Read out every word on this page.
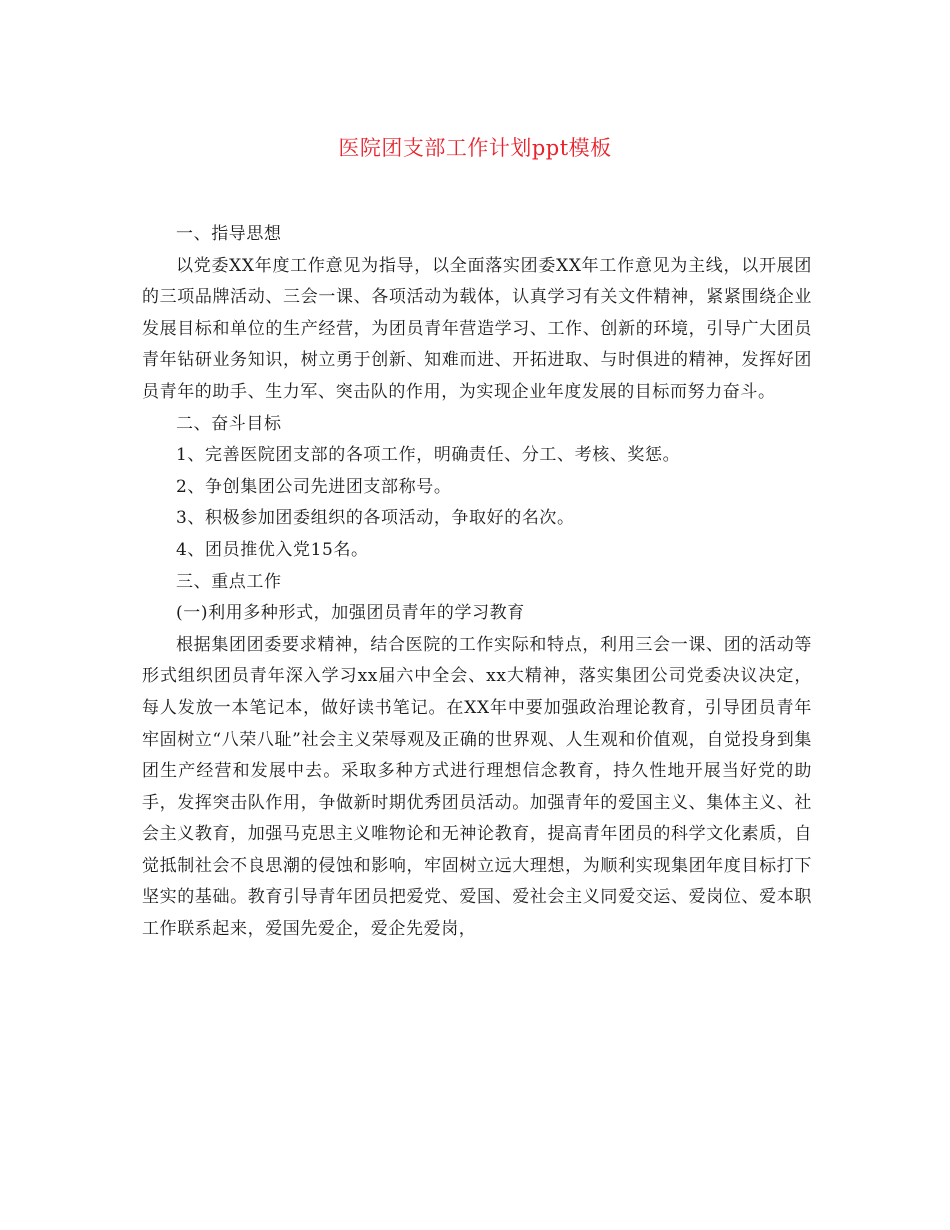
医院团支部工作计划ppt模板

一、指导思想

以党委XX年度工作意见为指导，以全面落实团委XX年工作意见为主线，以开展团的三项品牌活动、三会一课、各项活动为载体，认真学习有关文件精神，紧紧围绕企业发展目标和单位的生产经营，为团员青年营造学习、工作、创新的环境，引导广大团员青年钻研业务知识，树立勇于创新、知难而进、开拓进取、与时俱进的精神，发挥好团员青年的助手、生力军、突击队的作用，为实现企业年度发展的目标而努力奋斗。

二、奋斗目标

1、完善医院团支部的各项工作，明确责任、分工、考核、奖惩。

2、争创集团公司先进团支部称号。

3、积极参加团委组织的各项活动，争取好的名次。

4、团员推优入党15名。

三、重点工作

(一)利用多种形式，加强团员青年的学习教育

根据集团团委要求精神，结合医院的工作实际和特点，利用三会一课、团的活动等形式组织团员青年深入学习xx届六中全会、xx大精神，落实集团公司党委决议决定，每人发放一本笔记本，做好读书笔记。在XX年中要加强政治理论教育，引导团员青年牢固树立“八荣八耻”社会主义荣辱观及正确的世界观、人生观和价值观，自觉投身到集团生产经营和发展中去。采取多种方式进行理想信念教育，持久性地开展当好党的助手，发挥突击队作用，争做新时期优秀团员活动。加强青年的爱国主义、集体主义、社会主义教育，加强马克思主义唯物论和无神论教育，提高青年团员的科学文化素质，自觉抵制社会不良思潮的侵蚀和影响，牢固树立远大理想，为顺利实现集团年度目标打下坚实的基础。教育引导青年团员把爱党、爱国、爱社会主义同爱交运、爱岗位、爱本职工作联系起来，爱国先爱企，爱企先爱岗，
